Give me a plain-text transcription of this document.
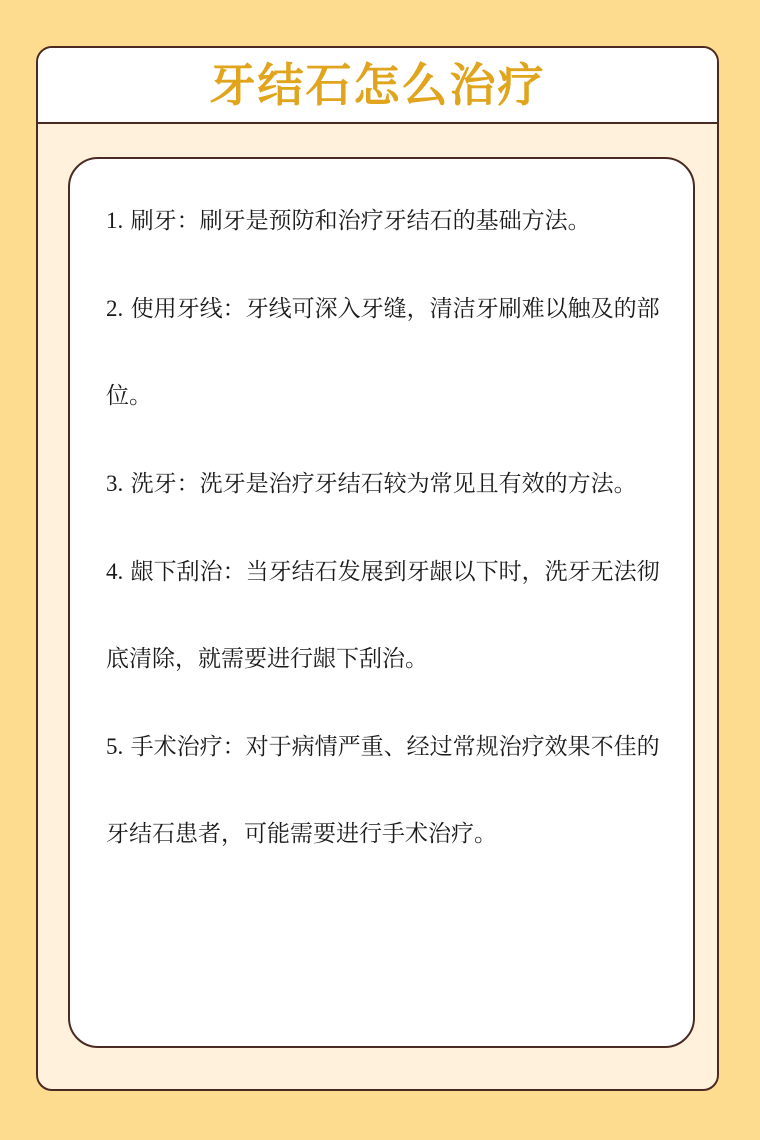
牙结石怎么治疗

1. 刷牙：刷牙是预防和治疗牙结石的基础方法。

2. 使用牙线：牙线可深入牙缝，清洁牙刷难以触及的部位。

3. 洗牙：洗牙是治疗牙结石较为常见且有效的方法。

4. 龈下刮治：当牙结石发展到牙龈以下时，洗牙无法彻底清除，就需要进行龈下刮治。

5. 手术治疗：对于病情严重、经过常规治疗效果不佳的牙结石患者，可能需要进行手术治疗。
